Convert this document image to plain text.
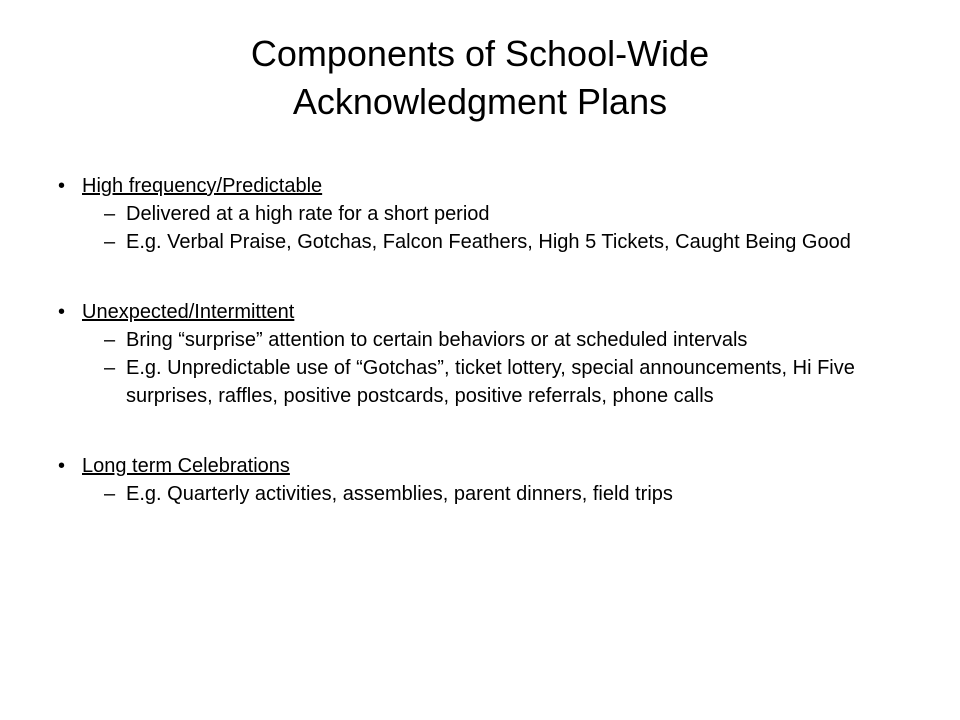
Components of School-Wide
Acknowledgment Plans
• High frequency/Predictable
– Delivered at a high rate for a short period
– E.g. Verbal Praise, Gotchas, Falcon Feathers, High 5 Tickets, Caught Being Good
• Unexpected/Intermittent
– Bring “surprise” attention to certain behaviors or at scheduled intervals
– E.g. Unpredictable use of “Gotchas”, ticket lottery, special announcements, Hi Five surprises, raffles, positive postcards, positive referrals, phone calls
• Long term Celebrations
– E.g. Quarterly activities, assemblies, parent dinners, field trips
